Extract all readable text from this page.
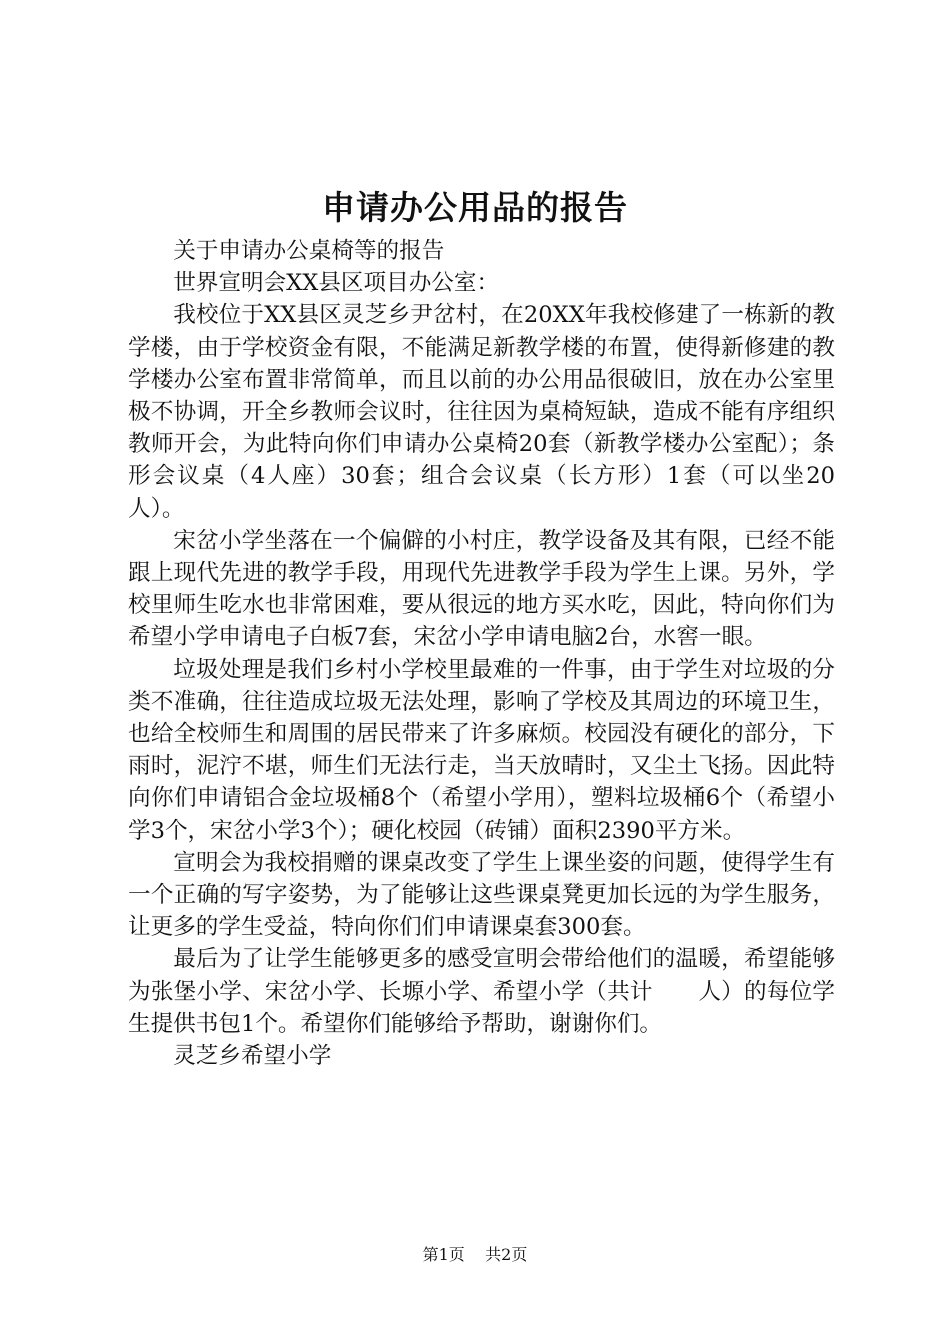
申请办公用品的报告

关于申请办公桌椅等的报告

世界宣明会XX县区项目办公室：

我校位于XX县区灵芝乡尹岔村，在20XX年我校修建了一栋新的教学楼，由于学校资金有限，不能满足新教学楼的布置，使得新修建的教学楼办公室布置非常简单，而且以前的办公用品很破旧，放在办公室里极不协调，开全乡教师会议时，往往因为桌椅短缺，造成不能有序组织教师开会，为此特向你们申请办公桌椅20套（新教学楼办公室配）；条形会议桌（4人座）30套；组合会议桌（长方形）1套（可以坐20人）。

宋岔小学坐落在一个偏僻的小村庄，教学设备及其有限，已经不能跟上现代先进的教学手段，用现代先进教学手段为学生上课。另外，学校里师生吃水也非常困难，要从很远的地方买水吃，因此，特向你们为希望小学申请电子白板7套，宋岔小学申请电脑2台，水窖一眼。

垃圾处理是我们乡村小学校里最难的一件事，由于学生对垃圾的分类不准确，往往造成垃圾无法处理，影响了学校及其周边的环境卫生，也给全校师生和周围的居民带来了许多麻烦。校园没有硬化的部分，下雨时，泥泞不堪，师生们无法行走，当天放晴时，又尘土飞扬。因此特向你们申请铝合金垃圾桶8个（希望小学用），塑料垃圾桶6个（希望小学3个，宋岔小学3个）；硬化校园（砖铺）面积2390平方米。

宣明会为我校捐赠的课桌改变了学生上课坐姿的问题，使得学生有一个正确的写字姿势，为了能够让这些课桌凳更加长远的为学生服务，让更多的学生受益，特向你们们申请课桌套300套。

最后为了让学生能够更多的感受宣明会带给他们的温暖，希望能够为张堡小学、宋岔小学、长塬小学、希望小学（共计　　人）的每位学生提供书包1个。希望你们能够给予帮助，谢谢你们。

灵芝乡希望小学

第1页 共2页
